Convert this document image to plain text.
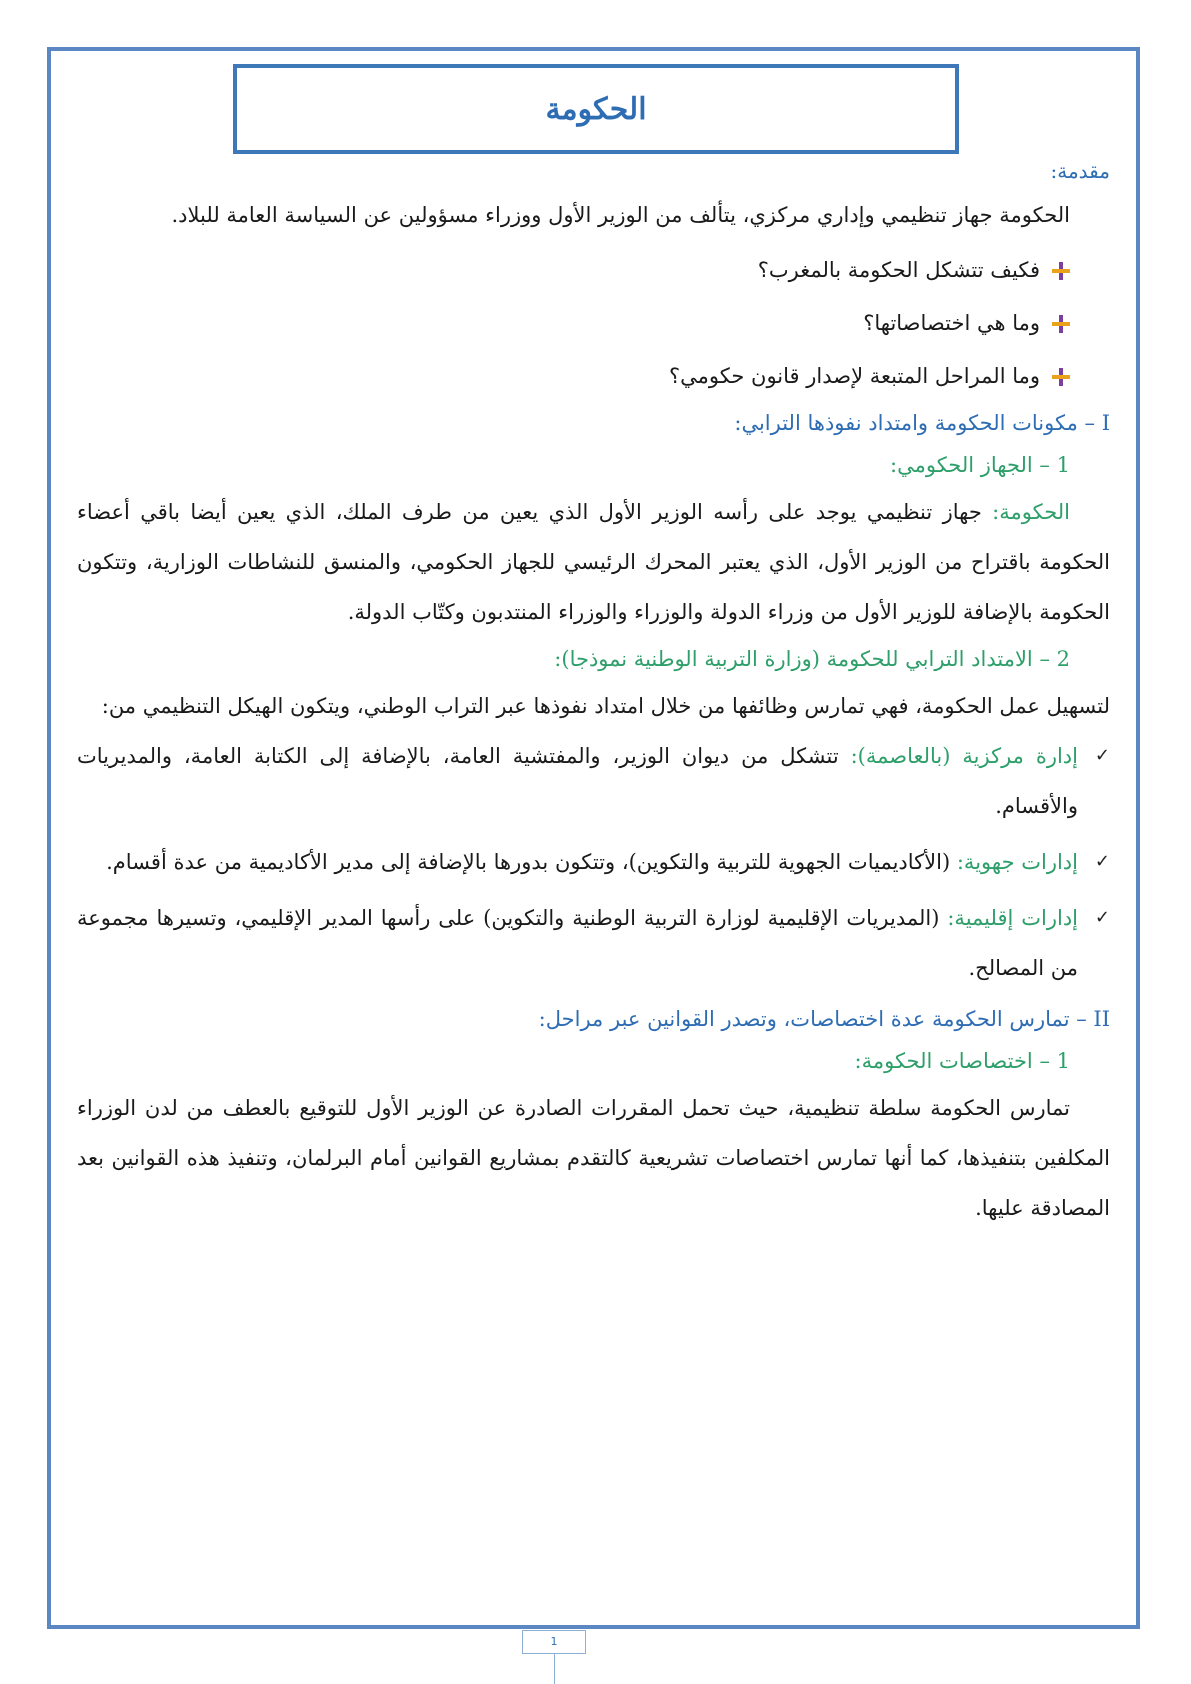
الحكومة

مقدمة:

الحكومة جهاز تنظيمي وإداري مركزي، يتألف من الوزير الأول ووزراء مسؤولين عن السياسة العامة للبلاد.

فكيف تتشكل الحكومة بالمغرب؟
وما هي اختصاصاتها؟
وما المراحل المتبعة لإصدار قانون حكومي؟

I – مكونات الحكومة وامتداد نفوذها الترابي:

1 – الجهاز الحكومي:

الحكومة: جهاز تنظيمي يوجد على رأسه الوزير الأول الذي يعين من طرف الملك، الذي يعين أيضا باقي أعضاء الحكومة باقتراح من الوزير الأول، الذي يعتبر المحرك الرئيسي للجهاز الحكومي، والمنسق للنشاطات الوزارية، وتتكون الحكومة بالإضافة للوزير الأول من وزراء الدولة والوزراء والوزراء المنتدبون وكتّاب الدولة.

2 – الامتداد الترابي للحكومة (وزارة التربية الوطنية نموذجا):

لتسهيل عمل الحكومة، فهي تمارس وظائفها من خلال امتداد نفوذها عبر التراب الوطني، ويتكون الهيكل التنظيمي من:

✓
إدارة مركزية (بالعاصمة): تتشكل من ديوان الوزير، والمفتشية العامة، بالإضافة إلى الكتابة العامة، والمديريات والأقسام.
✓
إدارات جهوية: (الأكاديميات الجهوية للتربية والتكوين)، وتتكون بدورها بالإضافة إلى مدير الأكاديمية من عدة أقسام.
✓
إدارات إقليمية: (المديريات الإقليمية لوزارة التربية الوطنية والتكوين) على رأسها المدير الإقليمي، وتسيرها مجموعة من المصالح.

II – تمارس الحكومة عدة اختصاصات، وتصدر القوانين عبر مراحل:

1 – اختصاصات الحكومة:

تمارس الحكومة سلطة تنظيمية، حيث تحمل المقررات الصادرة عن الوزير الأول للتوقيع بالعطف من لدن الوزراء المكلفين بتنفيذها، كما أنها تمارس اختصاصات تشريعية كالتقدم بمشاريع القوانين أمام البرلمان، وتنفيذ هذه القوانين بعد المصادقة عليها.

1
